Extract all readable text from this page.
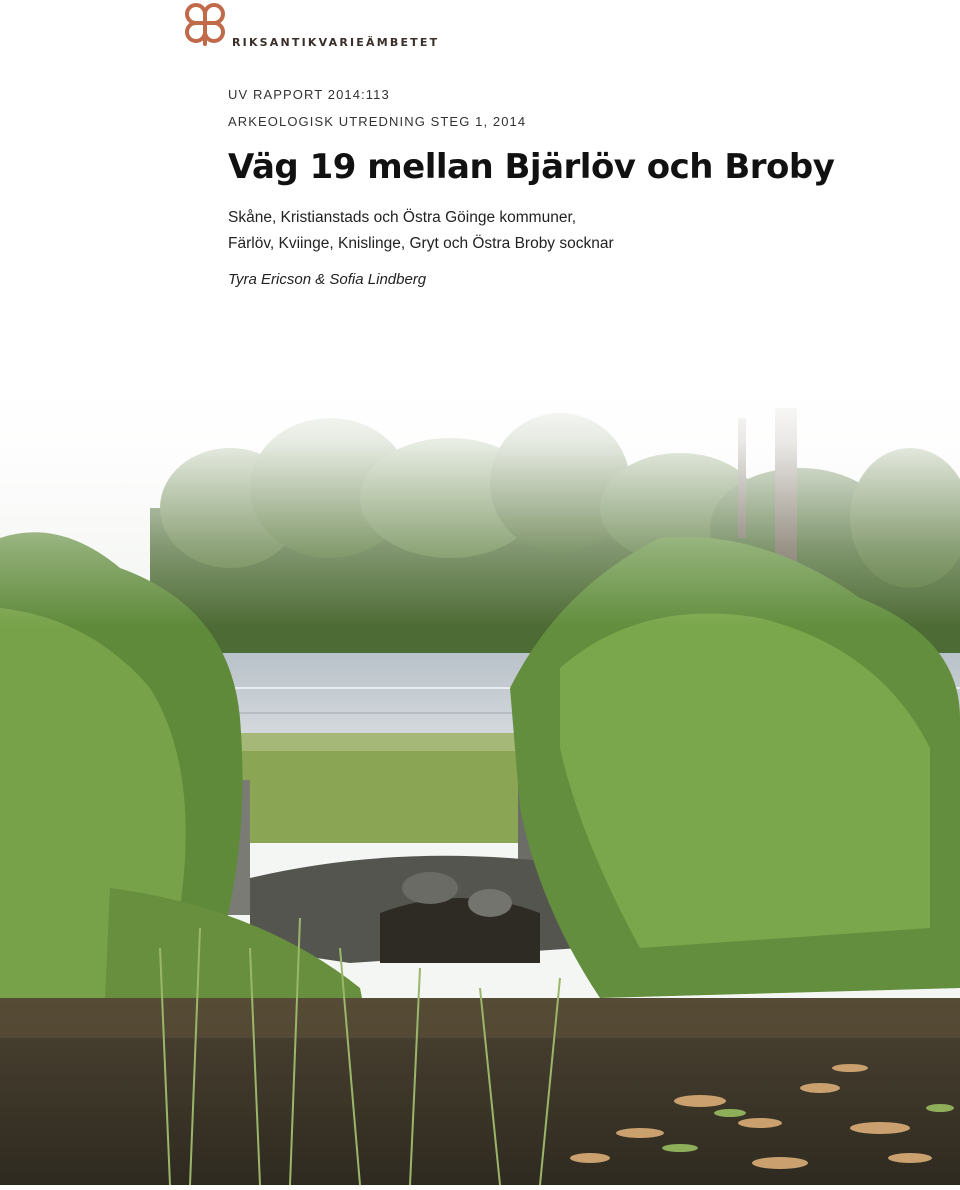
RIKSANTIKVARIEÄMBETET
UV RAPPORT 2014:113
ARKEOLOGISK UTREDNING STEG 1, 2014
Väg 19 mellan Bjärlöv och Broby
Skåne, Kristianstads och Östra Göinge kommuner,
Färlöv, Kviinge, Knislinge, Gryt och Östra Broby socknar
Tyra Ericson & Sofia Lindberg
